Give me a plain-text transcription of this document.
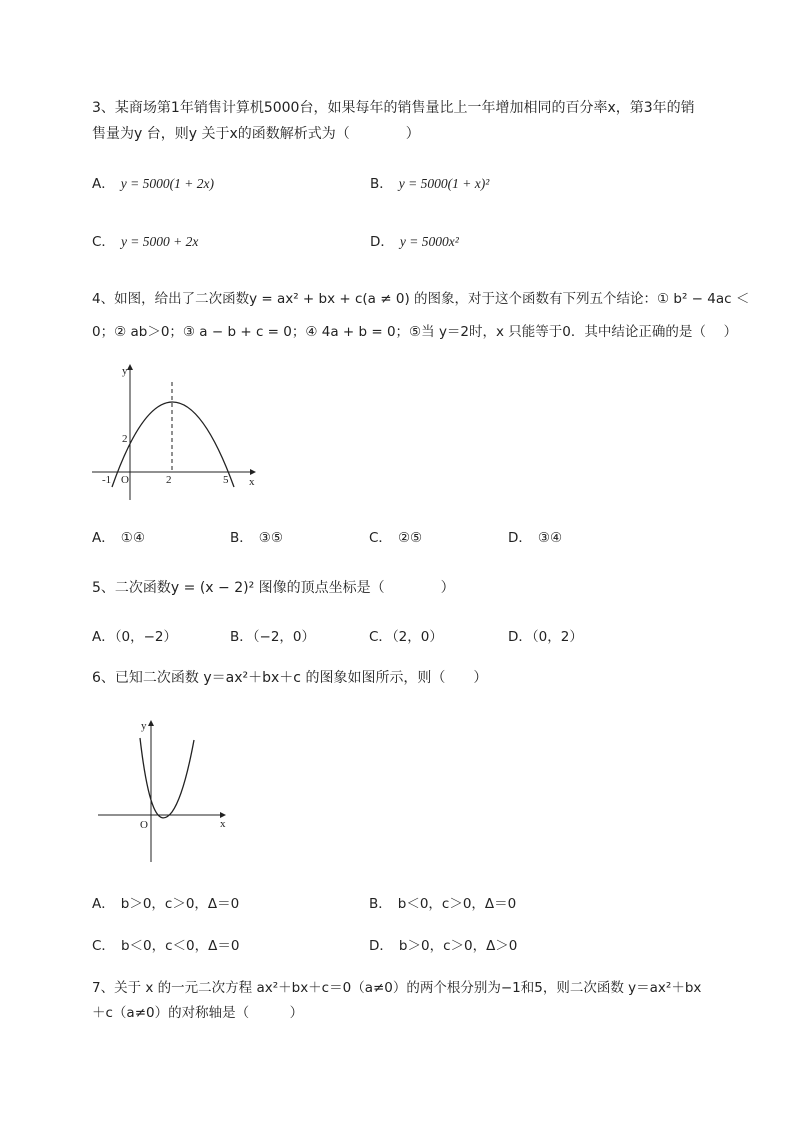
3、某商场第1年销售计算机5000台，如果每年的销售量比上一年增加相同的百分率x，第3年的销
售量为y 台，则y 关于x的函数解析式为（　　　　）
A． y = 5000(1 + 2x)	B． y = 5000(1 + x)²
C． y = 5000 + 2x	D． y = 5000x²
4、如图，给出了二次函数y = ax² + bx + c(a ≠ 0) 的图象，对于这个函数有下列五个结论：① b² − 4ac ＜
0；② ab＞0；③ a − b + c = 0；④ 4a + b = 0；⑤当 y＝2时，x 只能等于0．其中结论正确的是（　 ）
y
x
O
-1	2	5
2
A． ①④	B． ③⑤	C． ②⑤	D． ③④
5、二次函数y = (x − 2)² 图像的顶点坐标是（　　　　）
A．（0，−2）	B．（−2，0）	C．（2，0）	D．（0，2）
6、已知二次函数 y＝ax²＋bx＋c 的图象如图所示，则（　　）
y
x
O
A． b＞0，c＞0，Δ＝0	B． b＜0，c＞0，Δ＝0
C． b＜0，c＜0，Δ＝0	D． b＞0，c＞0，Δ＞0
7、关于 x 的一元二次方程 ax²＋bx＋c＝0（a≠0）的两个根分别为−1和5，则二次函数 y＝ax²＋bx
＋c（a≠0）的对称轴是（　　　）
